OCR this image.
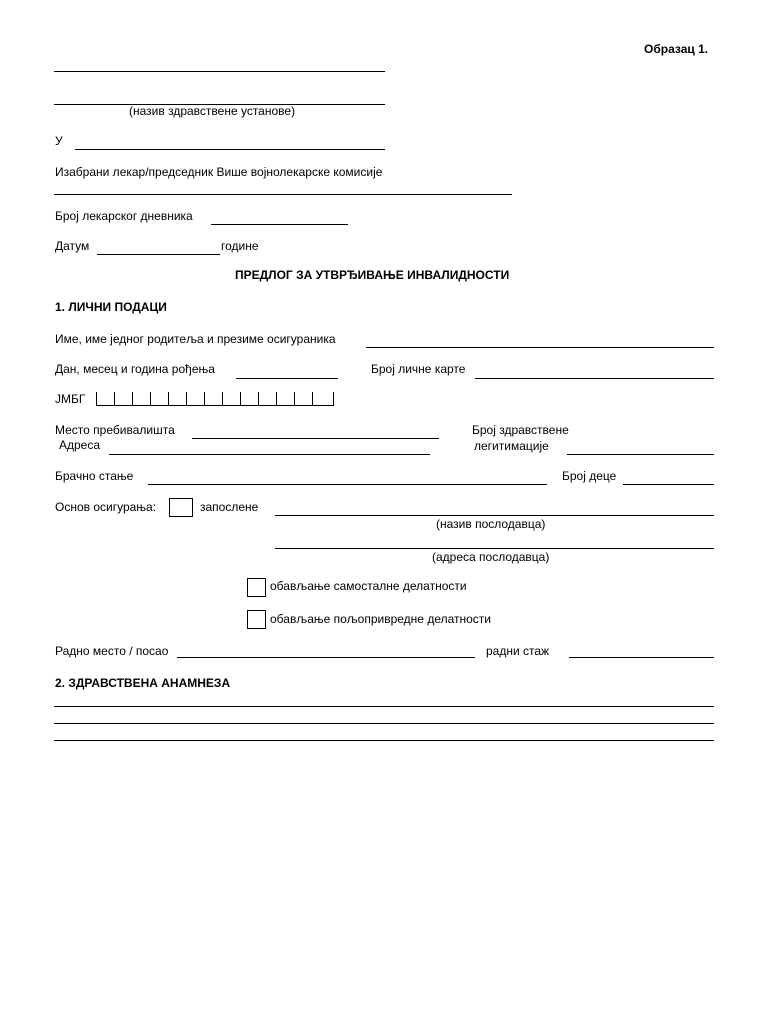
Образац 1.
(назив здравствене установе)
У
Изабрани лекар/председник Више војнолекарске комисије
Број лекарског дневника
Датум	године
ПРЕДЛОГ ЗА УТВРЂИВАЊЕ ИНВАЛИДНОСТИ
1. ЛИЧНИ ПОДАЦИ
Име, име једног родитеља и презиме осигураника
Дан, месец и година рођења	Број личне карте
ЈМБГ
Место пребивалишта
Адреса
Број здравствене
легитимације
Брачно стање	Број деце
Основ осигурања:	запослене
(назив послодавца)
(адреса послодавца)
обављање самосталне делатности
обављање пољопривредне делатности
Радно место / посао	радни стаж
2. ЗДРАВСТВЕНА АНАМНЕЗА
